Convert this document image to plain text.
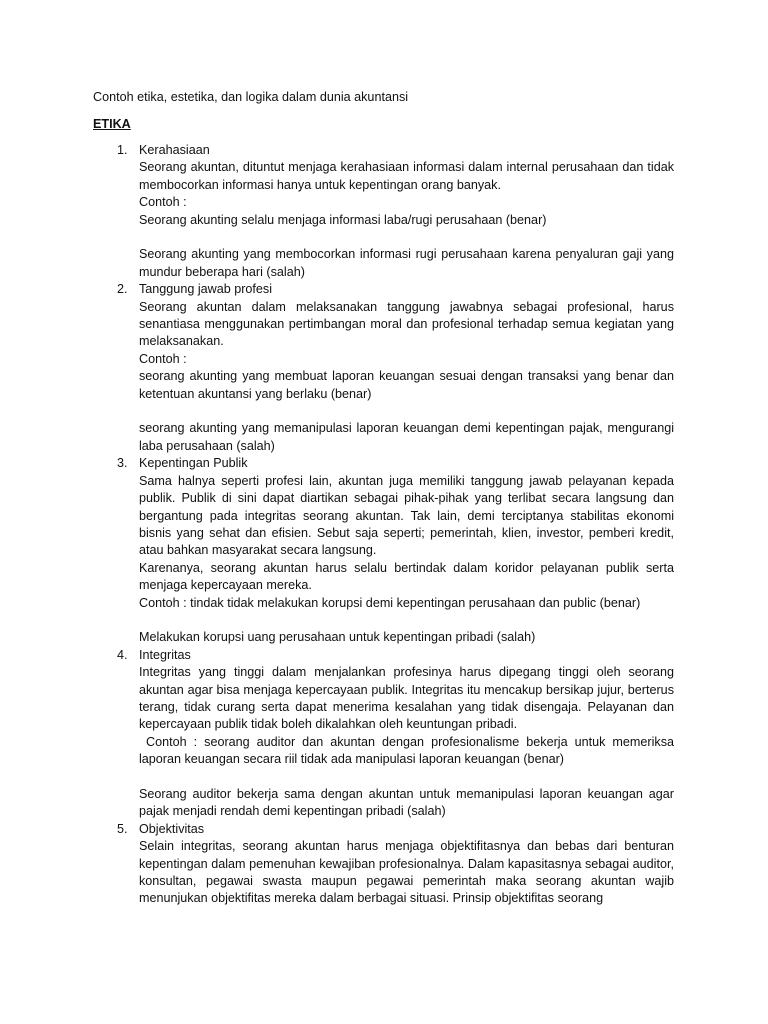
Contoh etika, estetika, dan logika dalam dunia akuntansi
ETIKA
1. Kerahasiaan

Seorang akuntan, dituntut menjaga kerahasiaan informasi dalam internal perusahaan dan tidak membocorkan informasi hanya untuk kepentingan orang banyak.

Contoh :

Seorang akunting selalu menjaga informasi laba/rugi perusahaan (benar)

Seorang akunting yang membocorkan informasi rugi perusahaan karena penyaluran gaji yang mundur beberapa hari (salah)

2. Tanggung jawab profesi

Seorang akuntan dalam melaksanakan tanggung jawabnya sebagai profesional, harus senantiasa menggunakan pertimbangan moral dan profesional terhadap semua kegiatan yang melaksanakan.

Contoh :

seorang akunting yang membuat laporan keuangan sesuai dengan transaksi yang benar dan ketentuan akuntansi yang berlaku (benar)

seorang akunting yang memanipulasi laporan keuangan demi kepentingan pajak, mengurangi laba perusahaan (salah)

3. Kepentingan Publik

Sama halnya seperti profesi lain, akuntan juga memiliki tanggung jawab pelayanan kepada publik. Publik di sini dapat diartikan sebagai pihak-pihak yang terlibat secara langsung dan bergantung pada integritas seorang akuntan. Tak lain, demi terciptanya stabilitas ekonomi bisnis yang sehat dan efisien. Sebut saja seperti; pemerintah, klien, investor, pemberi kredit, atau bahkan masyarakat secara langsung.

Karenanya, seorang akuntan harus selalu bertindak dalam koridor pelayanan publik serta menjaga kepercayaan mereka.

Contoh : tindak tidak melakukan korupsi demi kepentingan perusahaan dan public (benar)

Melakukan korupsi uang perusahaan untuk kepentingan pribadi (salah)

4. Integritas

Integritas yang tinggi dalam menjalankan profesinya harus dipegang tinggi oleh seorang akuntan agar bisa menjaga kepercayaan publik. Integritas itu mencakup bersikap jujur, berterus terang, tidak curang serta dapat menerima kesalahan yang tidak disengaja. Pelayanan dan kepercayaan publik tidak boleh dikalahkan oleh keuntungan pribadi.

Contoh : seorang auditor dan akuntan dengan profesionalisme bekerja untuk memeriksa laporan keuangan secara riil tidak ada manipulasi laporan keuangan (benar)

Seorang auditor bekerja sama dengan akuntan untuk memanipulasi laporan keuangan agar pajak menjadi rendah demi kepentingan pribadi (salah)

5. Objektivitas

Selain integritas, seorang akuntan harus menjaga objektifitasnya dan bebas dari benturan kepentingan dalam pemenuhan kewajiban profesionalnya. Dalam kapasitasnya sebagai auditor, konsultan, pegawai swasta maupun pegawai pemerintah maka seorang akuntan wajib menunjukan objektifitas mereka dalam berbagai situasi. Prinsip objektifitas seorang
